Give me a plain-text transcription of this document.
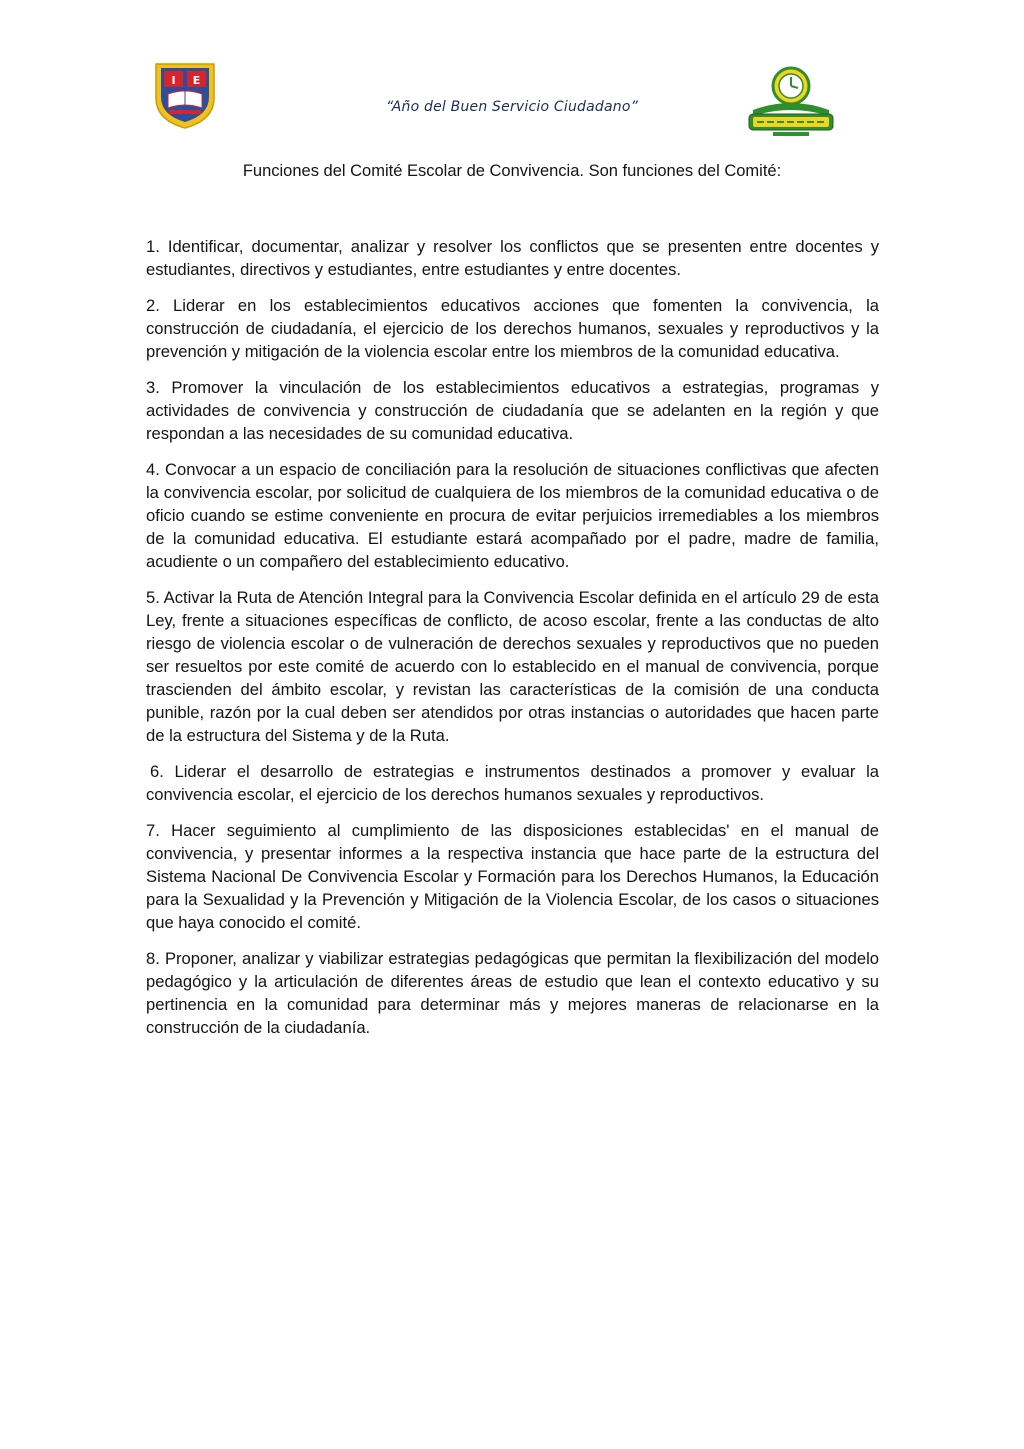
I E
“Año del Buen Servicio Ciudadano”
Funciones del Comité Escolar de Convivencia. Son funciones del Comité:

1. Identificar, documentar, analizar y resolver los conflictos que se presenten entre docentes y estudiantes, directivos y estudiantes, entre estudiantes y entre docentes.

2. Liderar en los establecimientos educativos acciones que fomenten la convivencia, la construcción de ciudadanía, el ejercicio de los derechos humanos, sexuales y reproductivos y la prevención y mitigación de la violencia escolar entre los miembros de la comunidad educativa.

3. Promover la vinculación de los establecimientos educativos a estrategias, programas y actividades de convivencia y construcción de ciudadanía que se adelanten en la región y que respondan a las necesidades de su comunidad educativa.

4. Convocar a un espacio de conciliación para la resolución de situaciones conflictivas que afecten la convivencia escolar, por solicitud de cualquiera de los miembros de la comunidad educativa o de oficio cuando se estime conveniente en procura de evitar perjuicios irremediables a los miembros de la comunidad educativa. El estudiante estará acompañado por el padre, madre de familia, acudiente o un compañero del establecimiento educativo.

5. Activar la Ruta de Atención Integral para la Convivencia Escolar definida en el artículo 29 de esta Ley, frente a situaciones específicas de conflicto, de acoso escolar, frente a las conductas de alto riesgo de violencia escolar o de vulneración de derechos sexuales y reproductivos que no pueden ser resueltos por este comité de acuerdo con lo establecido en el manual de convivencia, porque trascienden del ámbito escolar, y revistan las características de la comisión de una conducta punible, razón por la cual deben ser atendidos por otras instancias o autoridades que hacen parte de la estructura del Sistema y de la Ruta.

6. Liderar el desarrollo de estrategias e instrumentos destinados a promover y evaluar la convivencia escolar, el ejercicio de los derechos humanos sexuales y reproductivos.

7. Hacer seguimiento al cumplimiento de las disposiciones establecidas' en el manual de convivencia, y presentar informes a la respectiva instancia que hace parte de la estructura del Sistema Nacional De Convivencia Escolar y Formación para los Derechos Humanos, la Educación para la Sexualidad y la Prevención y Mitigación de la Violencia Escolar, de los casos o situaciones que haya conocido el comité.

8. Proponer, analizar y viabilizar estrategias pedagógicas que permitan la flexibilización del modelo pedagógico y la articulación de diferentes áreas de estudio que lean el contexto educativo y su pertinencia en la comunidad para determinar más y mejores maneras de relacionarse en la construcción de la ciudadanía.
